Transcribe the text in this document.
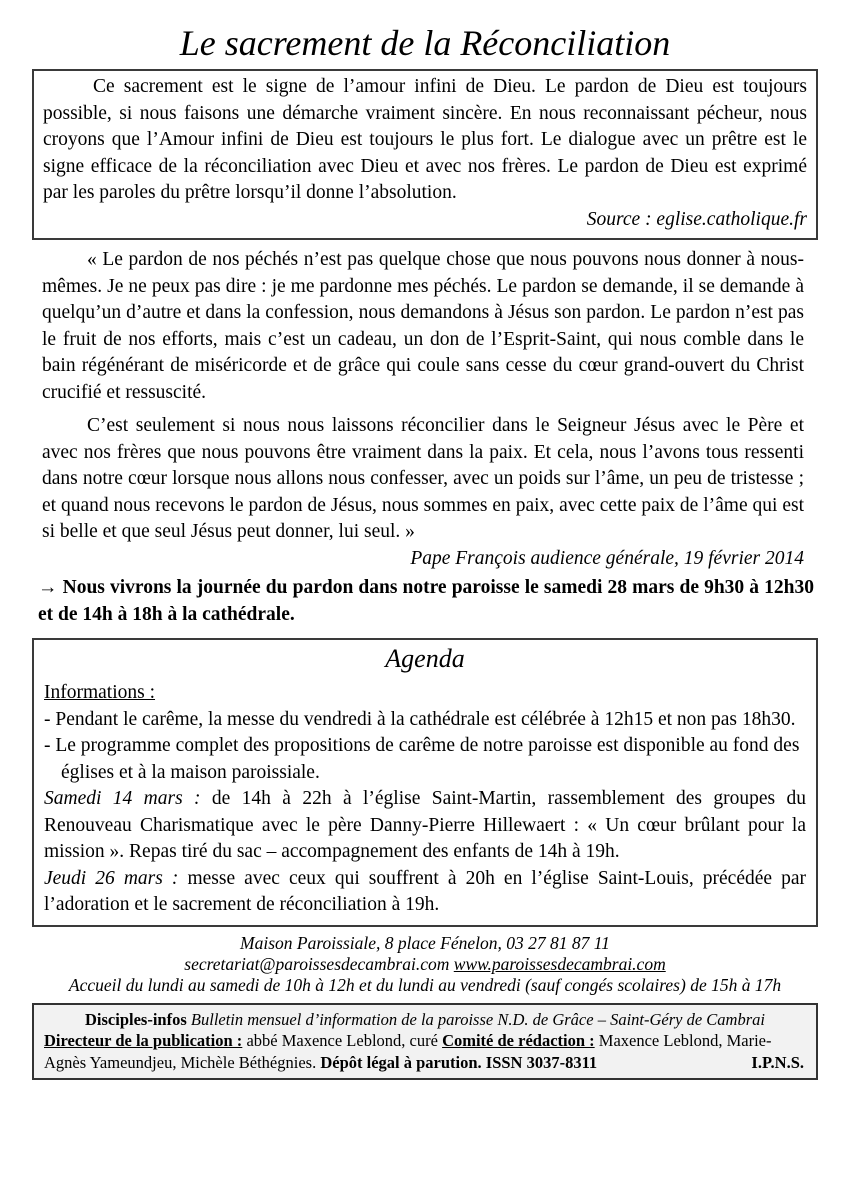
Le sacrement de la Réconciliation

Ce sacrement est le signe de l’amour infini de Dieu. Le pardon de Dieu est toujours possible, si nous faisons une démarche vraiment sincère. En nous reconnaissant pécheur, nous croyons que l’Amour infini de Dieu est toujours le plus fort. Le dialogue avec un prêtre est le signe efficace de la réconciliation avec Dieu et avec nos frères. Le pardon de Dieu est exprimé par les paroles du prêtre lorsqu’il donne l’absolution.

Source : eglise.catholique.fr

« Le pardon de nos péchés n’est pas quelque chose que nous pouvons nous donner à nous-mêmes. Je ne peux pas dire : je me pardonne mes péchés. Le pardon se demande, il se demande à quelqu’un d’autre et dans la confession, nous demandons à Jésus son pardon. Le pardon n’est pas le fruit de nos efforts, mais c’est un cadeau, un don de l’Esprit-Saint, qui nous comble dans le bain régénérant de miséricorde et de grâce qui coule sans cesse du cœur grand-ouvert du Christ crucifié et ressuscité.

C’est seulement si nous nous laissons réconcilier dans le Seigneur Jésus avec le Père et avec nos frères que nous pouvons être vraiment dans la paix. Et cela, nous l’avons tous ressenti dans notre cœur lorsque nous allons nous confesser, avec un poids sur l’âme, un peu de tristesse ; et quand nous recevons le pardon de Jésus, nous sommes en paix, avec cette paix de l’âme qui est si belle et que seul Jésus peut donner, lui seul. »

Pape François audience générale, 19 février 2014

→ Nous vivrons la journée du pardon dans notre paroisse le samedi 28 mars de 9h30 à 12h30 et de 14h à 18h à la cathédrale.

Agenda
Informations :
- Pendant le carême, la messe du vendredi à la cathédrale est célébrée à 12h15 et non pas 18h30.
- Le programme complet des propositions de carême de notre paroisse est disponible au fond des églises et à la maison paroissiale.
Samedi 14 mars : de 14h à 22h à l’église Saint-Martin, rassemblement des groupes du Renouveau Charismatique avec le père Danny-Pierre Hillewaert : « Un cœur brûlant pour la mission ». Repas tiré du sac – accompagnement des enfants de 14h à 19h.
Jeudi 26 mars : messe avec ceux qui souffrent à 20h en l’église Saint-Louis, précédée par l’adoration et le sacrement de réconciliation à 19h.
Maison Paroissiale, 8 place Fénelon, 03 27 81 87 11
secretariat@paroissesdecambrai.com www.paroissesdecambrai.com
Accueil du lundi au samedi de 10h à 12h et du lundi au vendredi (sauf congés scolaires) de 15h à 17h

Disciples-infos Bulletin mensuel d’information de la paroisse N.D. de Grâce – Saint-Géry de Cambrai

Directeur de la publication : abbé Maxence Leblond, curé Comité de rédaction : Maxence Leblond, Marie-Agnès Yameundjeu, Michèle Béthégnies. Dépôt légal à parution. ISSN 3037-8311	I.P.N.S.
